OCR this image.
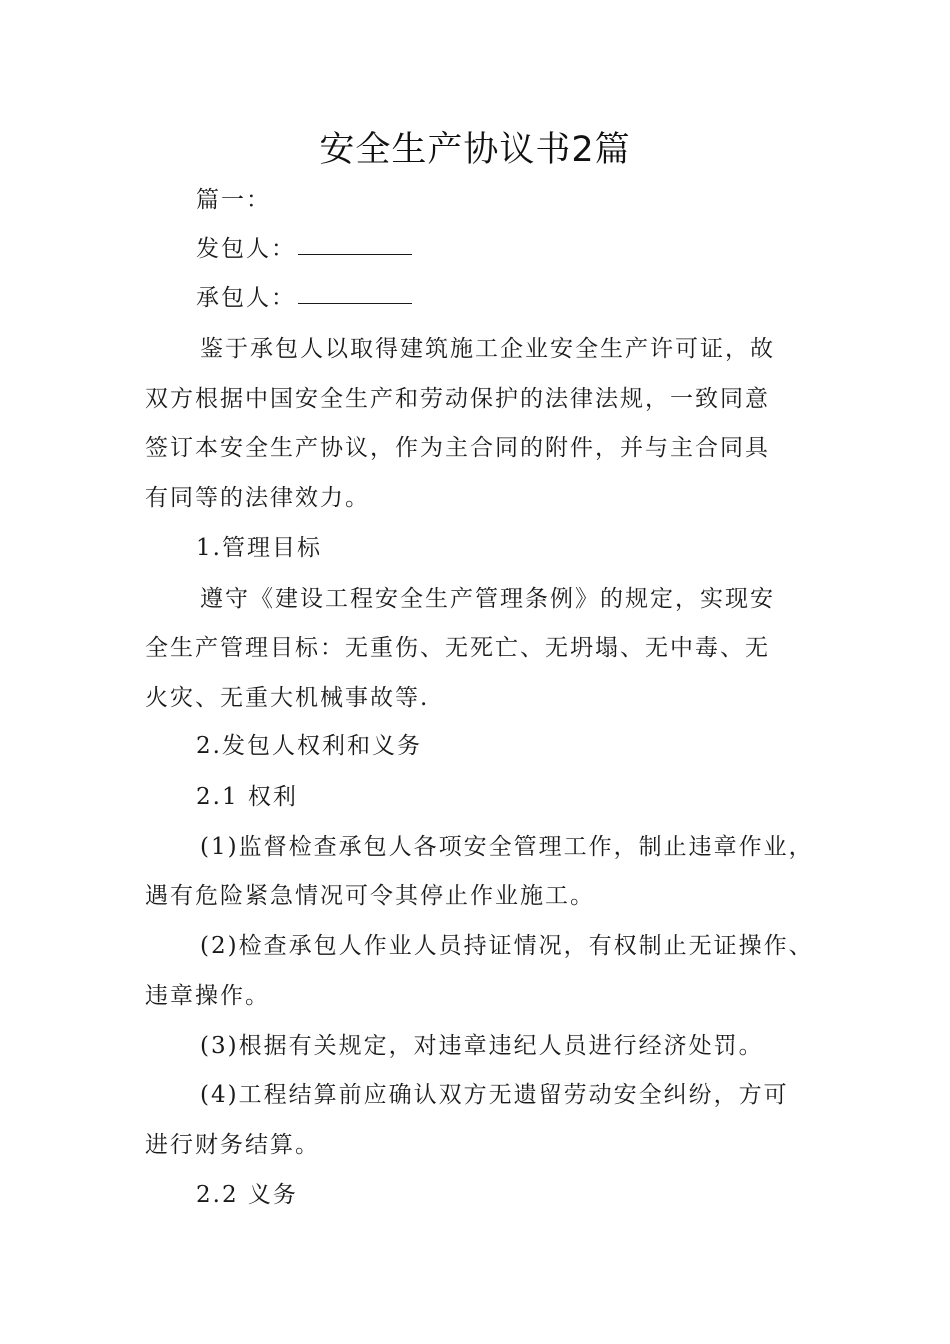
安全生产协议书2篇
篇一：
发包人：
承包人：
鉴于承包人以取得建筑施工企业安全生产许可证，故
双方根据中国安全生产和劳动保护的法律法规，一致同意
签订本安全生产协议，作为主合同的附件，并与主合同具
有同等的法律效力。
1.管理目标
遵守《建设工程安全生产管理条例》的规定，实现安
全生产管理目标：无重伤、无死亡、无坍塌、无中毒、无
火灾、无重大机械事故等.
2.发包人权利和义务
2.1 权利
(1)监督检查承包人各项安全管理工作，制止违章作业，
遇有危险紧急情况可令其停止作业施工。
(2)检查承包人作业人员持证情况，有权制止无证操作、
违章操作。
(3)根据有关规定，对违章违纪人员进行经济处罚。
(4)工程结算前应确认双方无遗留劳动安全纠纷，方可
进行财务结算。
2.2 义务
